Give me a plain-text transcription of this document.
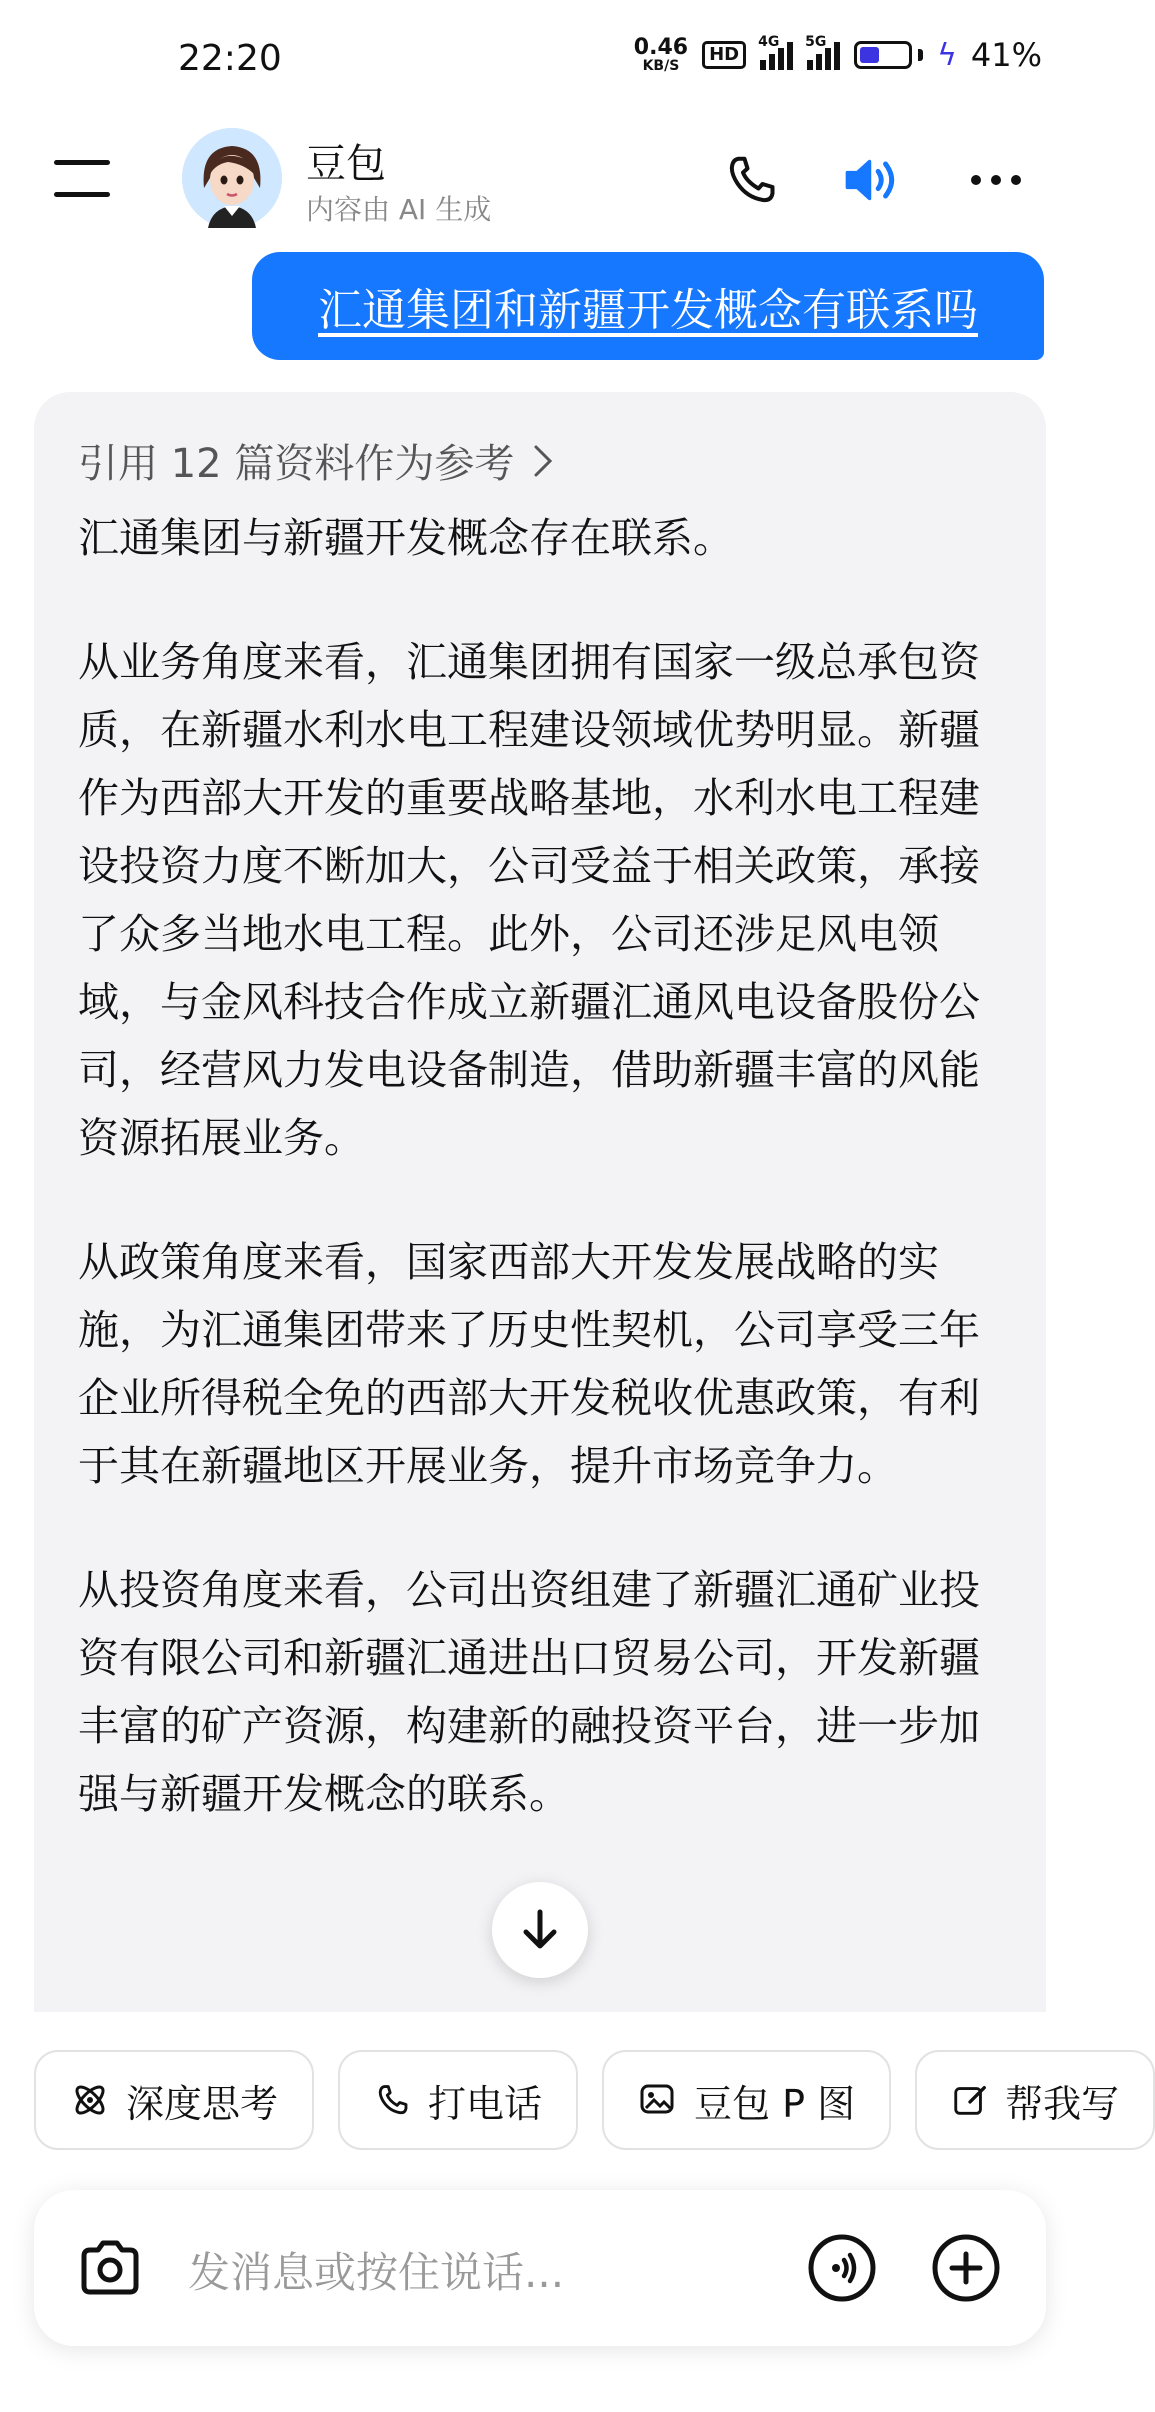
22:20	0.46
KB/S
HD
4G 5G	ϟ 41%
豆包
内容由 AI 生成
汇通集团和新疆开发概念有联系吗
引用 12 篇资料作为参考

汇通集团与新疆开发概念存在联系。

从业务角度来看，汇通集团拥有国家一级总承包资质，在新疆水利水电工程建设领域优势明显。新疆作为西部大开发的重要战略基地，水利水电工程建设投资力度不断加大，公司受益于相关政策，承接了众多当地水电工程。此外，公司还涉足风电领域，与金风科技合作成立新疆汇通风电设备股份公司，经营风力发电设备制造，借助新疆丰富的风能资源拓展业务。

从政策角度来看，国家西部大开发发展战略的实施，为汇通集团带来了历史性契机，公司享受三年企业所得税全免的西部大开发税收优惠政策，有利于其在新疆地区开展业务，提升市场竞争力。

从投资角度来看，公司出资组建了新疆汇通矿业投资有限公司和新疆汇通进出口贸易公司，开发新疆丰富的矿产资源，构建新的融投资平台，进一步加强与新疆开发概念的联系。

深度思考	打电话	豆包 P 图	帮我写
发消息或按住说话...
